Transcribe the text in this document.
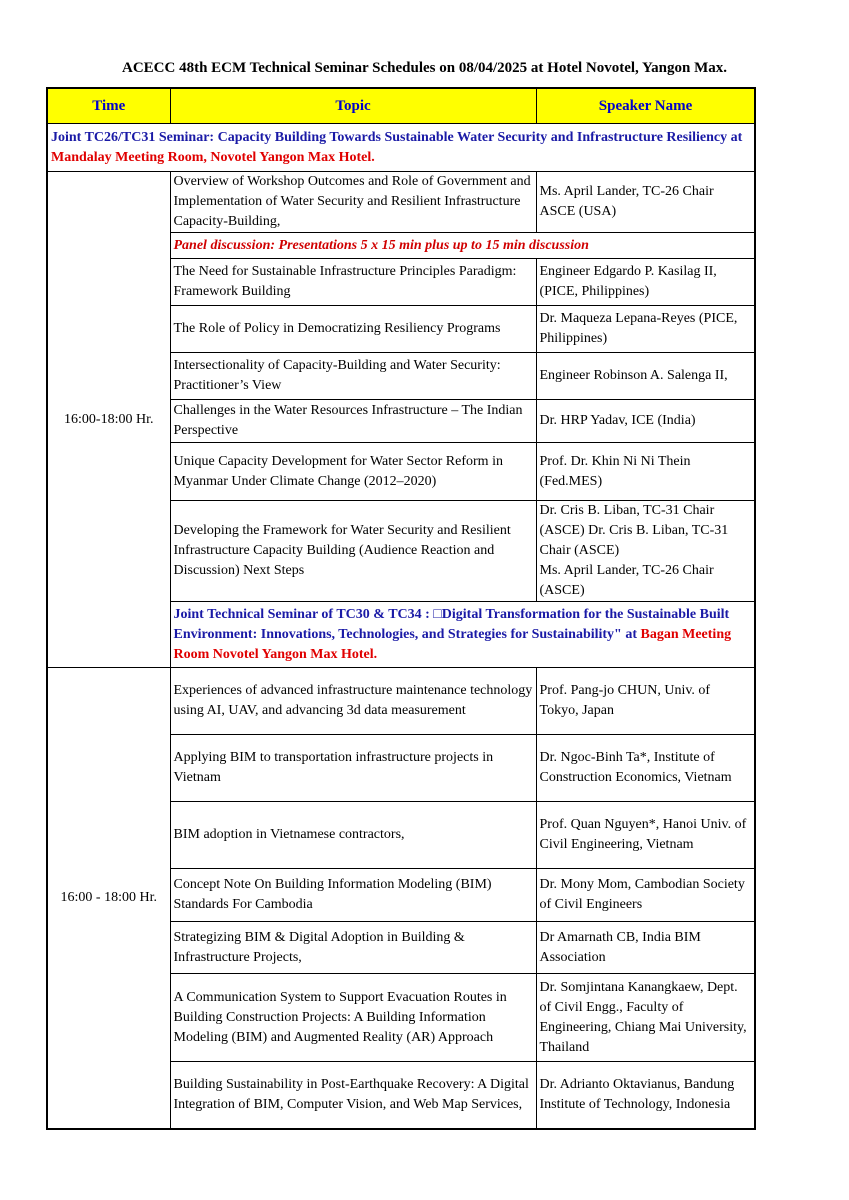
ACECC 48th ECM Technical Seminar Schedules on 08/04/2025 at Hotel Novotel, Yangon Max.
Time	Topic	Speaker Name
Joint TC26/TC31 Seminar: Capacity Building Towards Sustainable Water Security and Infrastructure Resiliency at Mandalay Meeting Room, Novotel Yangon Max Hotel.		
16:00-18:00 Hr.	Overview of Workshop Outcomes and Role of Government and Implementation of Water Security and Resilient Infrastructure Capacity-Building,	Ms. April Lander, TC-26 Chair ASCE (USA)
	Panel discussion: Presentations 5 x 15 min plus up to 15 min discussion	
	The Need for Sustainable Infrastructure Principles Paradigm: Framework Building	Engineer Edgardo P. Kasilag II, (PICE, Philippines)
	The Role of Policy in Democratizing Resiliency Programs	Dr. Maqueza Lepana-Reyes (PICE, Philippines)
	Intersectionality of Capacity-Building and Water Security: Practitioner’s View	Engineer Robinson A. Salenga II,
	Challenges in the Water Resources Infrastructure – The Indian Perspective	Dr. HRP Yadav, ICE (India)
	Unique Capacity Development for Water Sector Reform in Myanmar Under Climate Change (2012–2020)	Prof. Dr. Khin Ni Ni Thein (Fed.MES)
	Developing the Framework for Water Security and Resilient Infrastructure Capacity Building (Audience Reaction and Discussion) Next Steps	Dr. Cris B. Liban, TC-31 Chair (ASCE) Dr. Cris B. Liban, TC-31 Chair (ASCE)
Ms. April Lander, TC-26 Chair (ASCE)

	Joint Technical Seminar of TC30 & TC34 : □Digital Transformation for the Sustainable Built Environment: Innovations, Technologies, and Strategies for Sustainability" at Bagan Meeting Room Novotel Yangon Max Hotel.	
16:00 - 18:00 Hr.	Experiences of advanced infrastructure maintenance technology using AI, UAV, and advancing 3d data measurement	Prof. Pang-jo CHUN, Univ. of Tokyo, Japan
	Applying BIM to transportation infrastructure projects in Vietnam	Dr. Ngoc-Binh Ta*, Institute of Construction Economics, Vietnam
	BIM adoption in Vietnamese contractors,	Prof. Quan Nguyen*, Hanoi Univ. of Civil Engineering, Vietnam
	Concept Note On Building Information Modeling (BIM) Standards For Cambodia	Dr. Mony Mom, Cambodian Society of Civil Engineers
	Strategizing BIM & Digital Adoption in Building & Infrastructure Projects,	Dr Amarnath CB, India BIM Association
	A Communication System to Support Evacuation Routes in Building Construction Projects: A Building Information Modeling (BIM) and Augmented Reality (AR) Approach	Dr. Somjintana Kanangkaew, Dept. of Civil Engg., Faculty of Engineering, Chiang Mai University, Thailand
	Building Sustainability in Post-Earthquake Recovery: A Digital Integration of BIM, Computer Vision, and Web Map Services,	Dr. Adrianto Oktavianus, Bandung Institute of Technology, Indonesia
